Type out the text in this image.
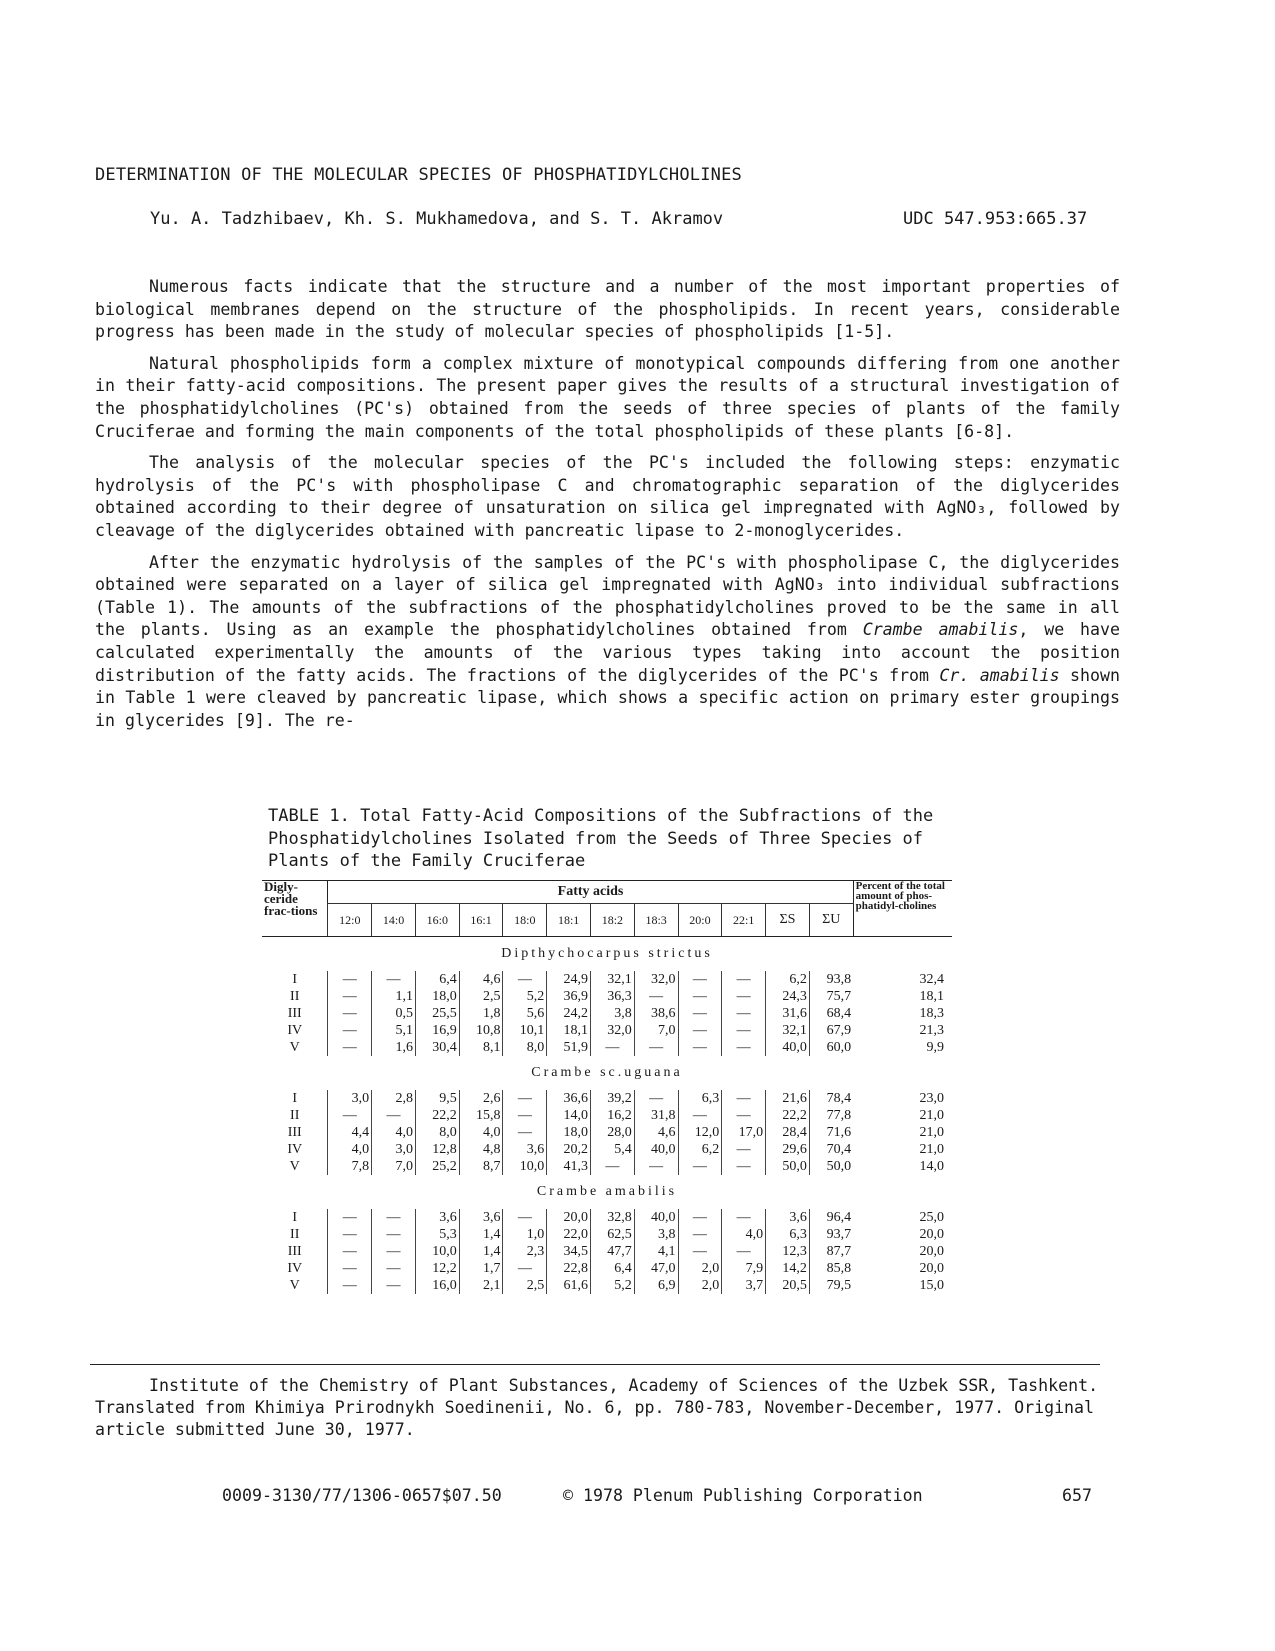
DETERMINATION OF THE MOLECULAR SPECIES OF PHOSPHATIDYLCHOLINES
Yu. A. Tadzhibaev, Kh. S. Mukhamedova, and S. T. Akramov	UDC 547.953:665.37

Numerous facts indicate that the structure and a number of the most important properties of biological membranes depend on the structure of the phospholipids. In recent years, considerable progress has been made in the study of molecular species of phospholipids [1-5].

Natural phospholipids form a complex mixture of monotypical compounds differing from one another in their fatty-acid compositions. The present paper gives the results of a structural investigation of the phosphatidylcholines (PC's) obtained from the seeds of three species of plants of the family Cruciferae and forming the main components of the total phospholipids of these plants [6-8].

The analysis of the molecular species of the PC's included the following steps: enzymatic hydrolysis of the PC's with phospholipase C and chromatographic separation of the diglycerides obtained according to their degree of unsaturation on silica gel impregnated with AgNO₃, followed by cleavage of the diglycerides obtained with pancreatic lipase to 2-monoglycerides.

After the enzymatic hydrolysis of the samples of the PC's with phospholipase C, the diglycerides obtained were separated on a layer of silica gel impregnated with AgNO₃ into individual subfractions (Table 1). The amounts of the subfractions of the phosphatidylcholines proved to be the same in all the plants. Using as an example the phosphatidylcholines obtained from Crambe amabilis, we have calculated experimentally the amounts of the various types taking into account the position distribution of the fatty acids. The fractions of the diglycerides of the PC's from Cr. amabilis shown in Table 1 were cleaved by pancreatic lipase, which shows a specific action on primary ester groupings in glycerides [9]. The re-

TABLE 1. Total Fatty-Acid Compositions of the Subfractions of the Phosphatidylcholines Isolated from the Seeds of Three Species of Plants of the Family Cruciferae
Digly-ceride frac-tions	Fatty acids												Percent of the total amount of phos-phatidyl-cholines
	12:0	14:0	16:0	16:1	18:0	18:1	18:2	18:3	20:0	22:1	ΣS	ΣU	
Dipthychocarpus strictus													
I	—	—	6,4	4,6	—	24,9	32,1	32,0	—	—	6,2	93,8	32,4
II	—	1,1	18,0	2,5	5,2	36,9	36,3	—	—	—	24,3	75,7	18,1
III	—	0,5	25,5	1,8	5,6	24,2	3,8	38,6	—	—	31,6	68,4	18,3
IV	—	5,1	16,9	10,8	10,1	18,1	32,0	7,0	—	—	32,1	67,9	21,3
V	—	1,6	30,4	8,1	8,0	51,9	—	—	—	—	40,0	60,0	9,9
Crambe sc.uguana													
I	3,0	2,8	9,5	2,6	—	36,6	39,2	—	6,3	—	21,6	78,4	23,0
II	—	—	22,2	15,8	—	14,0	16,2	31,8	—	—	22,2	77,8	21,0
III	4,4	4,0	8,0	4,0	—	18,0	28,0	4,6	12,0	17,0	28,4	71,6	21,0
IV	4,0	3,0	12,8	4,8	3,6	20,2	5,4	40,0	6,2	—	29,6	70,4	21,0
V	7,8	7,0	25,2	8,7	10,0	41,3	—	—	—	—	50,0	50,0	14,0
Crambe amabilis													
I	—	—	3,6	3,6	—	20,0	32,8	40,0	—	—	3,6	96,4	25,0
II	—	—	5,3	1,4	1,0	22,0	62,5	3,8	—	4,0	6,3	93,7	20,0
III	—	—	10,0	1,4	2,3	34,5	47,7	4,1	—	—	12,3	87,7	20,0
IV	—	—	12,2	1,7	—	22,8	6,4	47,0	2,0	7,9	14,2	85,8	20,0
V	—	—	16,0	2,1	2,5	61,6	5,2	6,9	2,0	3,7	20,5	79,5	15,0

Institute of the Chemistry of Plant Substances, Academy of Sciences of the Uzbek SSR, Tashkent. Translated from Khimiya Prirodnykh Soedinenii, No. 6, pp. 780-783, November-December, 1977. Original article submitted June 30, 1977.

0009-3130/77/1306-0657$07.50	© 1978 Plenum Publishing Corporation	657
